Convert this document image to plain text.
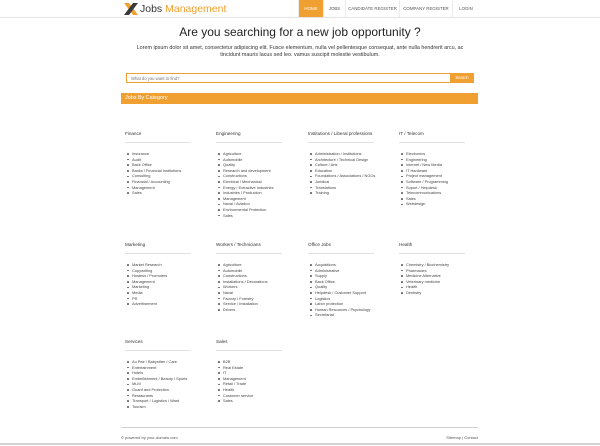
Jobs Management	HOME	JOBS	CANDIDATE REGISTER	COMPANY REGISTER	LOGIN
Are you searching for a new job opportunity ?
Lorem ipsum dolor sit amet, consectetur adipiscing elit. Fusce elementum, nulla vel pellentesque consequat, ante nulla hendrerit arcu, ac tincidunt mauris lacus sed leo. vamus suscipit molestie vestibulum.
What do you want to find?
Search
Jobs By Category
Finance
Insurance
Audit
Back Office
Banks / Financial Institutions
Consulting
Financial / Accounting
Management
Sales
Engineering
Agriculture
Automobile
Quality
Research and development
Constructions
Electrical / Mechanical
Energy / Extractive Industries
Industries / Production
Management
Naval / Aviation
Environmental Protection
Sales
Institutions / Liberal professions
Administration / Institutions
Architecture / Technical Design
Culture / Arts
Education
Foundations / Associations / NGOs
Juridical
Translations
Training
IT / Telecom
Electronics
Engineering
Internet / New Media
IT Hardware
Project management
Software / Programming
Suport / Helpdesk
Telecommunications
Sales
Webdesign
Marketing
Market Research
Copywriting
Hostess / Promoters
Management
Marketing
Media
PR
Advertisement
Workers / Technicians
Agriculture
Automobile
Constructions
Installations / Decorations
Workers
Naval
Factory / Forestry
Service / Installation
Drivers
Office Jobs
Acquisitions
Administrative
Supply
Back Office
Quality
Helpdesk / Customer Support
Logistics
Labor protection
Human Resources / Psychology
Secretariat
Health
Chemistry / Biochemistry
Pharmacies
Medicine Alternative
Veterinary medicine
Health
Dentistry
Services
Au Pair / Babysitter / Care
Entertainment
Hotels
Embellishment / Beauty / Sports
MLM
Guard and Protection
Restaurants
Transport / Logistics / Ward
Tourism
Sales
B2B
Real Estate
IT
Management
Retail / Trade
Health
Customer service
Sales
© powered by your-domain.com	Sitemap | Contact
